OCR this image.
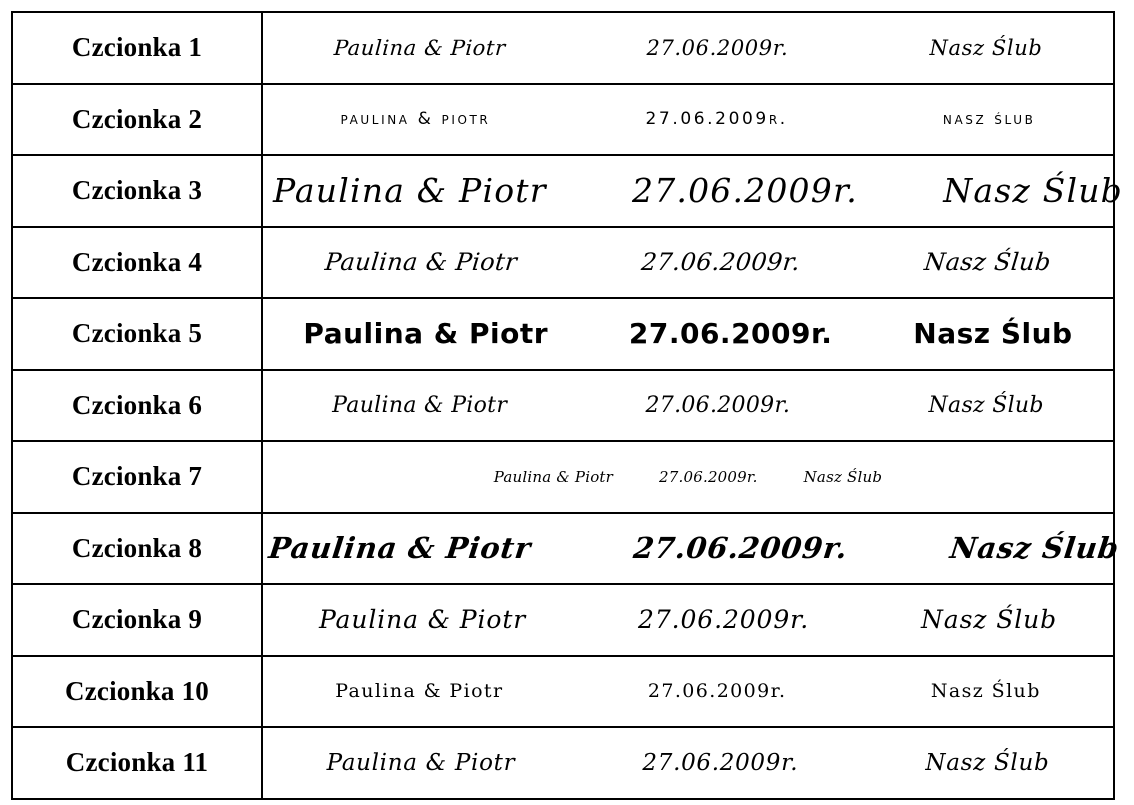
Czcionka 1	Paulina & Piotr 27.06.2009r. Nasz Ślub

Czcionka 2	paulina & piotr 27.06.2009r. nasz ślub

Czcionka 3	Paulina & Piotr 27.06.2009r. Nasz Ślub

Czcionka 4	Paulina & Piotr 27.06.2009r. Nasz Ślub

Czcionka 5	Paulina & Piotr 27.06.2009r. Nasz Ślub

Czcionka 6	Paulina & Piotr 27.06.2009r. Nasz Ślub

Czcionka 7	Paulina & Piotr 27.06.2009r. Nasz Ślub

Czcionka 8	Paulina & Piotr 27.06.2009r. Nasz Ślub

Czcionka 9	Paulina & Piotr 27.06.2009r. Nasz Ślub

Czcionka 10	Paulina & Piotr 27.06.2009r. Nasz Ślub

Czcionka 11	Paulina & Piotr 27.06.2009r. Nasz Ślub
